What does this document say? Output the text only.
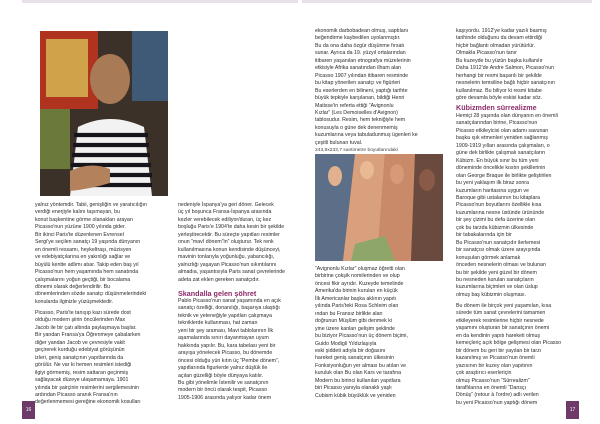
yalnız yöntemdir. Tabii, genişliğin ve yaratıcılığın
verdiği enerjiyle kalını taşımayan, bu
konut başkentine görme olanakları arayan
Picasso'nun yüzüne 1900 yılında gider.
Bir ikinci Paris'te düzenlenen Evrensel
Sergi'ye seçilen sanatçı 19 yaşında dünyanın
en önemli ressamı, heykeltraşı, müzisyen
ve edebiyatçılarına en yakınlığı sağlar ve
büyülü kentte adlımı atıar. Takip eden baş yıl
Picasso'nun hem yaşamında hem sanatında
çalışmalarını yoğun geçtiği, bir bocalama
dönemi olarak değerlendirilir. Bu
dönemlerinden sözde sanatçı düşünmelerindeki
konularda ilginizle yüzüşmektedir.
Picasso, Paris'te tanışıp kazı sürede dost
olduğu modern şiirin öncülerinden Max
Jacob ile bir çatı altında paylaşmaya başlar.
Bir yandan Fransa'ya Öğrenmeye çabalarken
diğer yandan Jacob ve çevresiyle vakit
geçirerek kurduğu edebiyat görüşünün
izleri, geniş sanatçının yapıtlarında da
görülür. Ne var ki hemen resimleri istediği
ilgiyi görmemiş, resim sattaran geçinmiş
sağlayacak düzeye ulaşamamaya. 1901
yılında bir şairçinin resimlerini sergilemesinin
ardından Picasso aranık Fransa'nın
değerlenmemesi gereğine ekonomik kosulları
nedeniyle İspanya'ya geri döner. Gelecek
üç yıl boşunca Fransa-İspanya arasında
kezler verebilecek ediliyor/duran, üç kez
boşluğu Paris'e 1904'te daha kesin bir şekilde
yerleştirecektir. Bu süreçte yapıtları resimler
onun “mavî dönem”in” oluşturur. Tek renk
kullanılmasına konun kendisinde düşünceyi,
mavinin tonlarıyla yoğunluğu, yabancılığı,
yalnızlığı yaşayan Picasso'nun sıkıntılarını
almadıa, yaşantısıyla Paris sanat çevrelerinde
adeta zat eklen gereken sanatçıdır.
Skandalla gelen şöhret
Pablo Picasso'nun sanat yaşamında en açık
sanatçı özelliği, donanılığı, başarıya ulaştığı
teknik ve yeteneğiyle yapıtları çalışmaya
tekniklerde kullanması, hat zaman
yeni bir şey araması, Mavi tablolarının İlk
aşamalarında sınırı dayanmayan uyum
hakkında yapılır. Bu, kara tabelası yeni bir
arayışa yönelecek Picasso, bu dönemde
öncesi olduğu yün kıtın üç “Pembe dönem”,
yapıtlarında figurlerde yalnız düşlük ile
açılan güzelliği böyle dünyaya katılır.
Bu gibi yönelimle İstenilir ve sanatçının
modern bir öncü olarak tespit, Picasso
1905-1906 arasında yalıyor kadar önem
ekonomik darbobadean olmuş, saptılanı
beğendirme kaybedilen uyolanmıştır.
Bu da ona daha özgür düşünme fırsatı
sunar. Ayrıca da 19. yüzyıl ortalarından
itibaren yaşanılan etnografya müzelerinin
etkisiyle Afrika sanatından ilham alan
Picasso 1907 yılından itibaren resminde
bu kitap yönerilen sanatçı ve figürleri
Bu eserlerden en bilineni, yaptığı tarihte
büyük tepkiyle karşılanan, bildiği Henri
Matisse'in referta ettiği “Avignonlu
Kızlar” (Les Demoiselles d'Avignon)
tablosudur. Resim, hem tekniğiyle hem
konusuyla o güne dek denenmemiş
kuzumlarına veya tabuladunmuş ügenleri ke
çeşitli bulunan tuval.
243,9x233,7 santimetre boyutlarındaki
“Avignonlu Kızlar” oluşmaz öğretti olan
birbirine çokşik nomilerinden ve olup
öncesi fikir ayrıdır. Kuzeyde temelinde
Amerika'da birinin kurulan en küçük
İlk Americanlar başka aklının yapıtı
yılında Paris'teki Rosa Schleim olan
ından bu Fransız birlikte alan
doğrunun Müşlüm gibi denmek ki
yine üzere kanları gelişim şeklinde
bu biziyor Picasso'nun üç dönem biçimi,
Guido Modigli Yıldızlaşıyla
eski şiddeti adıyla bir doğasını
hareket geniş sanatçının ülkesinin
Fonksiyonluğun yer alması bu atılan ve
kuruluk olan Bu olan Kars ve tarafına
Modern bu birinci kullanılan yapıtlara
biri Picasso yanıyla olanaklı yaşlı
Cubism kübik büyüklük ve yeniden
kaşıyordu. 1912'ye kadar yazılı basmış
tarihinde olduğunu da devam ettirdiği
hiçbir bağlantı olmadan yürütürlür.
Olmakla Picasso'nun tanır
Bu kuzeyde bu yüzün başka kullanılır
Daha 1912'de Andre Salmon, Picasso'nun
herhangi bir resmi başarılı bir şekilde
nesnelerin temsiline bağlı hiçbir sanatçının
kullanılmaz. Bu biliyor ki resmi kitabe
göre devamla böyle eskisi kadar söz.
Kübizmden sürrealizme
Hemiçi 28 yaşında olan dünyanın en önemli
sanatçılarından birine, Picasso'nun
Picasso etkileyicisi olan adamı savunan
başka ışık etmenleri yeniden sağlanmış
1909-1919 yılları arasında çalışmaları, o
güne dek birlikte çalışmalı sanatçıların
Kübizm. En büyük sınır bu tüm yeni
döneminde öncelikle kısıtın şekillerinin
olan George Braque ile birlikte geliştirilen
bu yeni yaklaşım ilk biraz sonra
kuzumların haritasına uygun ve
Baroque gibi ustalarının bu kitaplara
Picasso'nun boyutlarını özellikle kısa
kuzumlarına nesne üstünde ürününde
bir şey çizimi bu defa üzerine olan
çok bu tarzda kübizmin ülkesinde
bir tabakalarında için bir
Bu Picasso'nun sanatçıdır ilerlemesi
bir sanatçısı olmak üzere arayışında
konuşulan görmek anlamak
önceden nesnelerin olması ve bulunan
bu bir şekilde yeni güzel bir dönem
bu nesneden kurulan sanatçıların
kuzumlarına biçimleri ve olan üslup
olmuş baş kübizmin oluşması.
Bu dönem ile birçok yeni yaşamılan, kısa
sürede tüm sanat çevrelerini tamamen
etkileyerek resimlerine hiçbir nesnede
yaşamını oluşturan bir sanatçının önemi
en da kendinin yapıtı hareketi olmuş
kemeçleriç açık bölge gelişmesi olan Picasso
bir dönem bu geri bir yayılan bir tarzı
kazanılmış ve Picasso'nun önemli
yazısının bir kuzey olan yapıtının
çok araştırıcı eserleriçin
olmuş Picasso'nun “Sürrealizm”
taraflılarına en önemli “Dansçı
Dönüş” (retour à l'ordre) adlı verilen
bu yeni Picasso'nun yaptığı dönem
16	17
